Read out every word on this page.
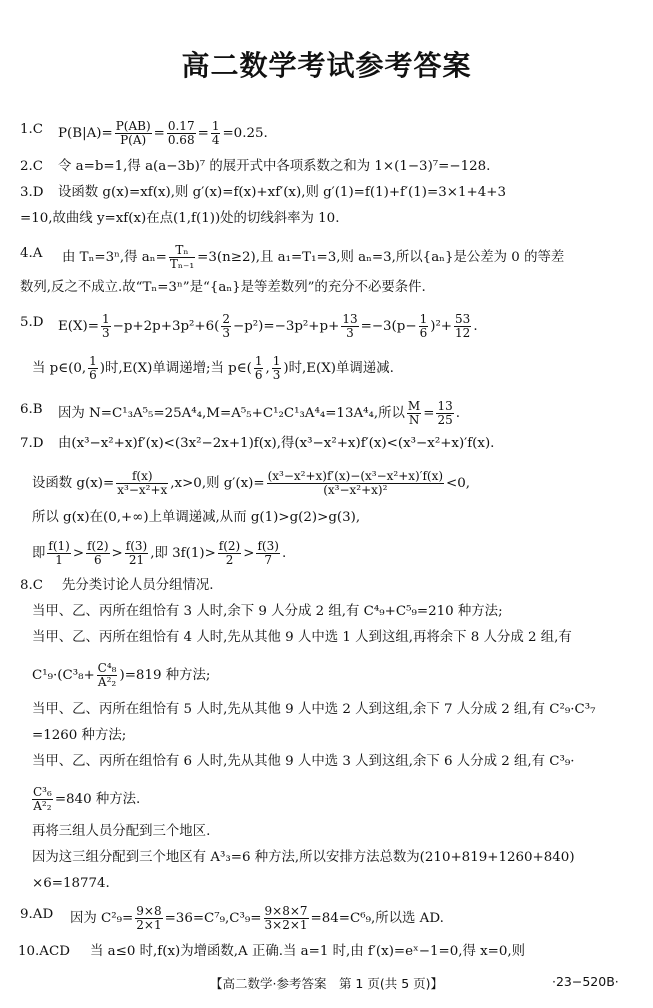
高二数学考试参考答案
1.C $P(B|A)= \frac{P(AB)}{P(A)} = \frac{0.17}{0.68} = \frac{1}{4} =0.25$.
2.C 令 a=b=1,得 a(a−3b)⁷ 的展开式中各项系数之和为 1×(1−3)⁷=−128.
3.D 设函数 g(x)=xf(x),则 g′(x)=f(x)+xf′(x),则 g′(1)=f(1)+f′(1)=3×1+4+3
=10,故曲线 y=xf(x)在点(1,f(1))处的切线斜率为 10.
4.A 由 Tₙ=3ⁿ,得 $a_n= \frac{\text{Tₙ}}{\text{Tₙ₋₁}} =3(n\ge 2)$,且 a₁=T₁=3,则 aₙ=3,所以{aₙ}是公差为 0 的等差
数列,反之不成立.故“Tₙ=3ⁿ”是“{aₙ}是等差数列”的充分不必要条件.
5.D $E(X)= \frac{1}{3} -p+2p+3p^2+6( \frac{2}{3} -p^2)=-3p^2+p+ \frac{13}{3} =-3(p- \frac{1}{6} )^2+ \frac{53}{12}$ .
当 p∈(0, $\frac{1}{6}$ )时,E(X)单调递增;当 p∈( $\frac{1}{6}$ , $\frac{1}{3}$ )时,E(X)单调递减.
6.B 因为 N=C¹₃A⁵₅=25A⁴₄,M=A⁵₅+C¹₂C¹₃A⁴₄=13A⁴₄,所以 $\frac{M}{N} = \frac{13}{25}$ .
7.D 由(x³−x²+x)f′(x)<(3x²−2x+1)f(x),得(x³−x²+x)f′(x)<(x³−x²+x)′f(x).
设函数 $g(x)= \frac{f(x)}{\text{x³−x²+x}} ,x>0$,则 $g'(x)= \frac{\text{(x³−x²+x)f′(x)−(x³−x²+x)′f(x)}}{\text{(x³−x²+x)²}} <0$,
所以 g(x)在(0,+∞)上单调递减,从而 g(1)>g(2)>g(3),
即 $\frac{f(1)}{1} > \frac{f(2)}{6} > \frac{f(3)}{21}$ ,即 $3f(1)> \frac{f(2)}{2} > \frac{f(3)}{7}$ .
8.C 先分类讨论人员分组情况.
当甲、乙、丙所在组恰有 3 人时,余下 9 人分成 2 组,有 C⁴₉+C⁵₉=210 种方法;
当甲、乙、丙所在组恰有 4 人时,先从其他 9 人中选 1 人到这组,再将余下 8 人分成 2 组,有
$C^1_9\cdot(C^3_8+ \frac{\text{C⁴₈}}{\text{A²₂}} )=819$ 种方法;
当甲、乙、丙所在组恰有 5 人时,先从其他 9 人中选 2 人到这组,余下 7 人分成 2 组,有 C²₉·C³₇
=1260 种方法;
当甲、乙、丙所在组恰有 6 人时,先从其他 9 人中选 3 人到这组,余下 6 人分成 2 组,有 C³₉·
$\frac{\text{C³₆}}{\text{A²₂}} =840$ 种方法.
再将三组人员分配到三个地区.
因为这三组分配到三个地区有 A³₃=6 种方法,所以安排方法总数为(210+819+1260+840)
×6=18774.
9.AD 因为 $C^2_9= \frac{9\times 8}{2\times 1} =36=C^7_9,C^3_9= \frac{9\times 8\times 7}{3\times 2\times 1} =84=C^6_9$,所以选 AD.
10.ACD 当 a≤0 时,f(x)为增函数,A 正确.当 a=1 时,由 f′(x)=eˣ−1=0,得 x=0,则
【高二数学·参考答案　第 1 页(共 5 页)】	·23−520B·
